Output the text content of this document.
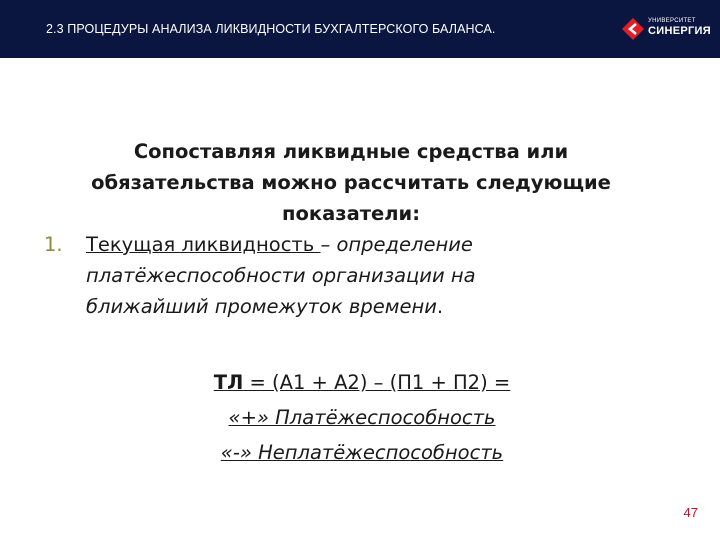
2.3 ПРОЦЕДУРЫ АНАЛИЗА ЛИКВИДНОСТИ БУХГАЛТЕРСКОГО БАЛАНСА.
УНИВЕРСИТЕТ
СИНЕРГИЯ
Сопоставляя ликвидные средства или
обязательства можно рассчитать следующие
показатели:
1. Текущая ликвидность – определение
платёжеспособности организации на
ближайший промежуток времени.
ТЛ = (А1 + А2) – (П1 + П2) =
«+» Платёжеспособность
«-» Неплатёжеспособность
47
